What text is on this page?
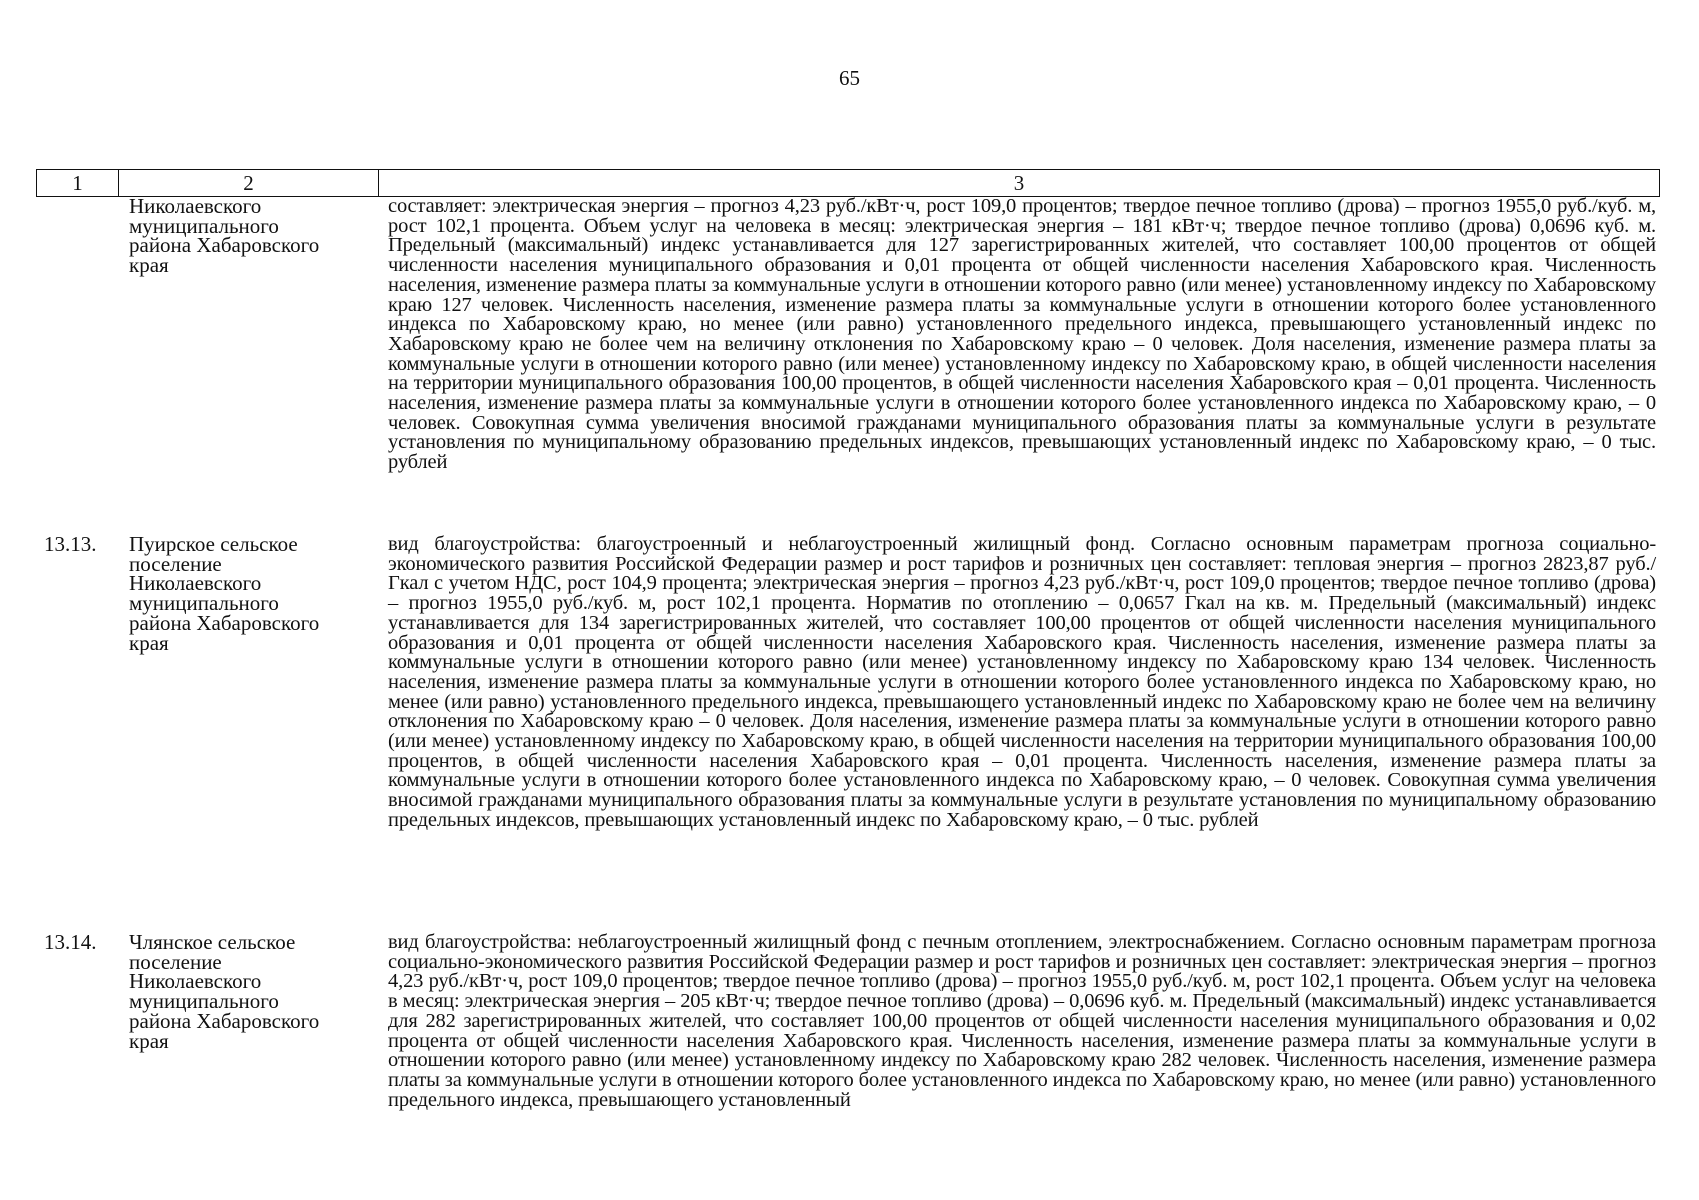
65
1	2	3
Николаевского
муниципального
района Хабаровского
края
составляет: электрическая энергия – прогноз 4,23 руб./кВт·ч, рост 109,0 процентов; твердое печное топливо (дрова) – прогноз 1955,0 руб./куб. м, рост 102,1 процента. Объем услуг на человека в месяц: электрическая энергия – 181 кВт·ч; твердое печное топливо (дрова) 0,0696 куб. м. Предельный (максимальный) индекс устанавливается для 127 зарегистрированных жителей, что составляет 100,00 процентов от общей численности населения муниципального образования и 0,01 процента от общей численности населения Хабаровского края. Численность населения, изменение размера платы за коммунальные услуги в отношении которого равно (или менее) установленному индексу по Хабаровскому краю 127 человек. Численность населения, изменение размера платы за коммунальные услуги в отношении которого более установленного индекса по Хабаровскому краю, но менее (или равно) установленного предельного индекса, превышающего установленный индекс по Хабаровскому краю не более чем на величину отклонения по Хабаровскому краю – 0 человек. Доля населения, изменение размера платы за коммунальные услуги в отношении которого равно (или менее) установленному индексу по Хабаровскому краю, в общей численности населения на территории муниципального образования 100,00 процентов, в общей численности населения Хабаровского края – 0,01 процента. Численность населения, изменение размера платы за коммунальные услуги в отношении которого более установленного индекса по Хабаровскому краю, – 0 человек. Совокупная сумма увеличения вносимой гражданами муниципального образования платы за коммунальные услуги в результате установления по муниципальному образованию предельных индексов, превышающих установленный индекс по Хабаровскому краю, – 0 тыс. рублей
13.13. Пуирское сельское
поселение
Николаевского
муниципального
района Хабаровского
края
вид благоустройства: благоустроенный и неблагоустроенный жилищный фонд. Согласно основным параметрам прогноза социально-экономического развития Российской Федерации размер и рост тарифов и розничных цен составляет: тепловая энергия – прогноз 2823,87 руб./Гкал с учетом НДС, рост 104,9 процента; электрическая энергия – прогноз 4,23 руб./кВт·ч, рост 109,0 процентов; твердое печное топливо (дрова) – прогноз 1955,0 руб./куб. м, рост 102,1 процента. Норматив по отоплению – 0,0657 Гкал на кв. м. Предельный (максимальный) индекс устанавливается для 134 зарегистрированных жителей, что составляет 100,00 процентов от общей численности населения муниципального образования и 0,01 процента от общей численности населения Хабаровского края. Численность населения, изменение размера платы за коммунальные услуги в отношении которого равно (или менее) установленному индексу по Хабаровскому краю 134 человек. Численность населения, изменение размера платы за коммунальные услуги в отношении которого более установленного индекса по Хабаровскому краю, но менее (или равно) установленного предельного индекса, превышающего установленный индекс по Хабаровскому краю не более чем на величину отклонения по Хабаровскому краю – 0 человек. Доля населения, изменение размера платы за коммунальные услуги в отношении которого равно (или менее) установленному индексу по Хабаровскому краю, в общей численности населения на территории муниципального образования 100,00 процентов, в общей численности населения Хабаровского края – 0,01 процента. Численность населения, изменение размера платы за коммунальные услуги в отношении которого более установленного индекса по Хабаровскому краю, – 0 человек. Совокупная сумма увеличения вносимой гражданами муниципального образования платы за коммунальные услуги в результате установления по муниципальному образованию предельных индексов, превышающих установленный индекс по Хабаровскому краю, – 0 тыс. рублей
13.14. Члянское сельское
поселение
Николаевского
муниципального
района Хабаровского
края
вид благоустройства: неблагоустроенный жилищный фонд с печным отоплением, электроснабжением. Согласно основным параметрам прогноза социально-экономического развития Российской Федерации размер и рост тарифов и розничных цен составляет: электрическая энергия – прогноз 4,23 руб./кВт·ч, рост 109,0 процентов; твердое печное топливо (дрова) – прогноз 1955,0 руб./куб. м, рост 102,1 процента. Объем услуг на человека в месяц: электрическая энергия – 205 кВт·ч; твердое печное топливо (дрова) – 0,0696 куб. м. Предельный (максимальный) индекс устанавливается для 282 зарегистрированных жителей, что составляет 100,00 процентов от общей численности населения муниципального образования и 0,02 процента от общей численности населения Хабаровского края. Численность населения, изменение размера платы за коммунальные услуги в отношении которого равно (или менее) установленному индексу по Хабаровскому краю 282 человек. Численность населения, изменение размера платы за коммунальные услуги в отношении которого более установленного индекса по Хабаровскому краю, но менее (или равно) установленного предельного индекса, превышающего установленный
